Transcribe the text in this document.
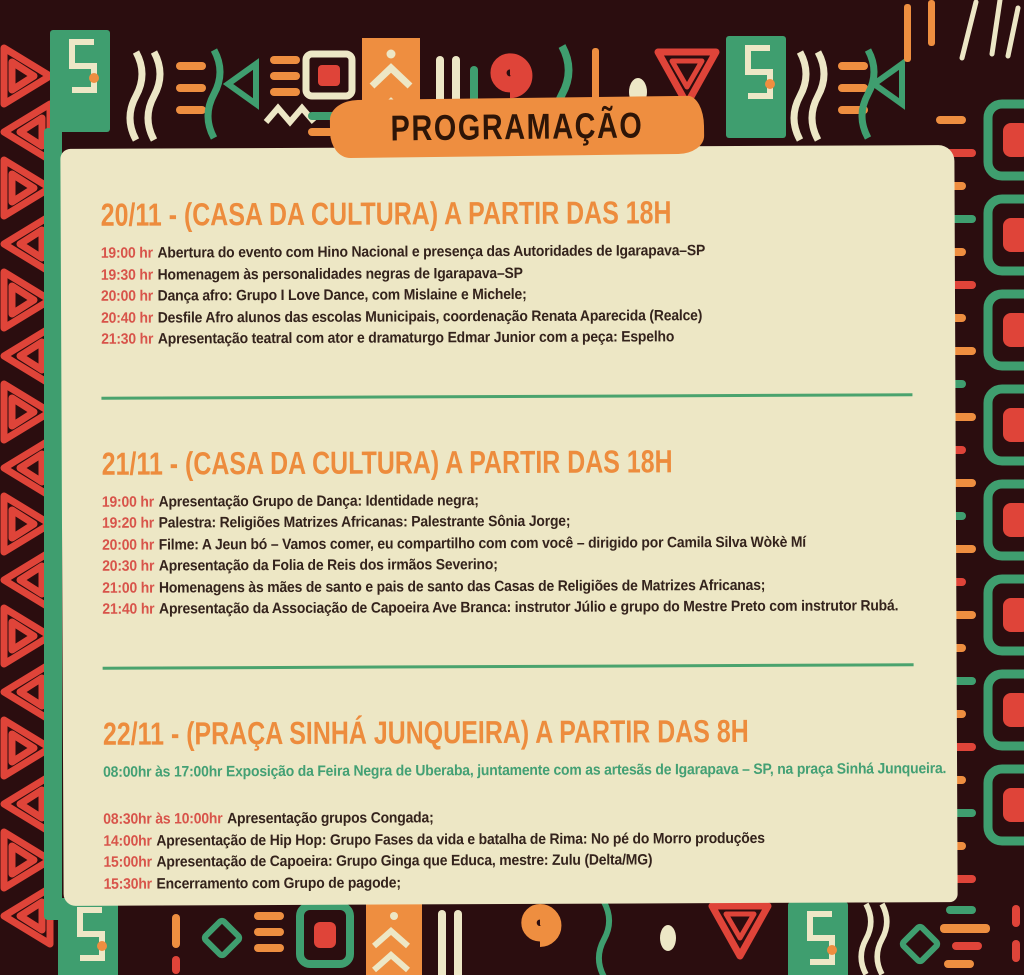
PROGRAMAÇÃO
20/11 - (CASA DA CULTURA) A PARTIR DAS 18H
19:00 hr Abertura do evento com Hino Nacional e presença das Autoridades de Igarapava–SP
19:30 hr Homenagem às personalidades negras de Igarapava–SP
20:00 hr Dança afro: Grupo I Love Dance, com Mislaine e Michele;
20:40 hr Desfile Afro alunos das escolas Municipais, coordenação Renata Aparecida (Realce)
21:30 hr Apresentação teatral com ator e dramaturgo Edmar Junior com a peça: Espelho
21/11 - (CASA DA CULTURA) A PARTIR DAS 18H
19:00 hr Apresentação Grupo de Dança: Identidade negra;
19:20 hr Palestra: Religiões Matrizes Africanas: Palestrante Sônia Jorge;
20:00 hr Filme: A Jeun bó – Vamos comer, eu compartilho com com você – dirigido por Camila Silva Wòkè Mí
20:30 hr Apresentação da Folia de Reis dos irmãos Severino;
21:00 hr Homenagens às mães de santo e pais de santo das Casas de Religiões de Matrizes Africanas;
21:40 hr Apresentação da Associação de Capoeira Ave Branca: instrutor Júlio e grupo do Mestre Preto com instrutor Rubá.
22/11 - (PRAÇA SINHÁ JUNQUEIRA) A PARTIR DAS 8H
08:00hr às 17:00hr Exposição da Feira Negra de Uberaba, juntamente com as artesãs de Igarapava – SP, na praça Sinhá Junqueira.
08:30hr às 10:00hr Apresentação grupos Congada;
14:00hr Apresentação de Hip Hop: Grupo Fases da vida e batalha de Rima: No pé do Morro produções
15:00hr Apresentação de Capoeira: Grupo Ginga que Educa, mestre: Zulu (Delta/MG)
15:30hr Encerramento com Grupo de pagode;
